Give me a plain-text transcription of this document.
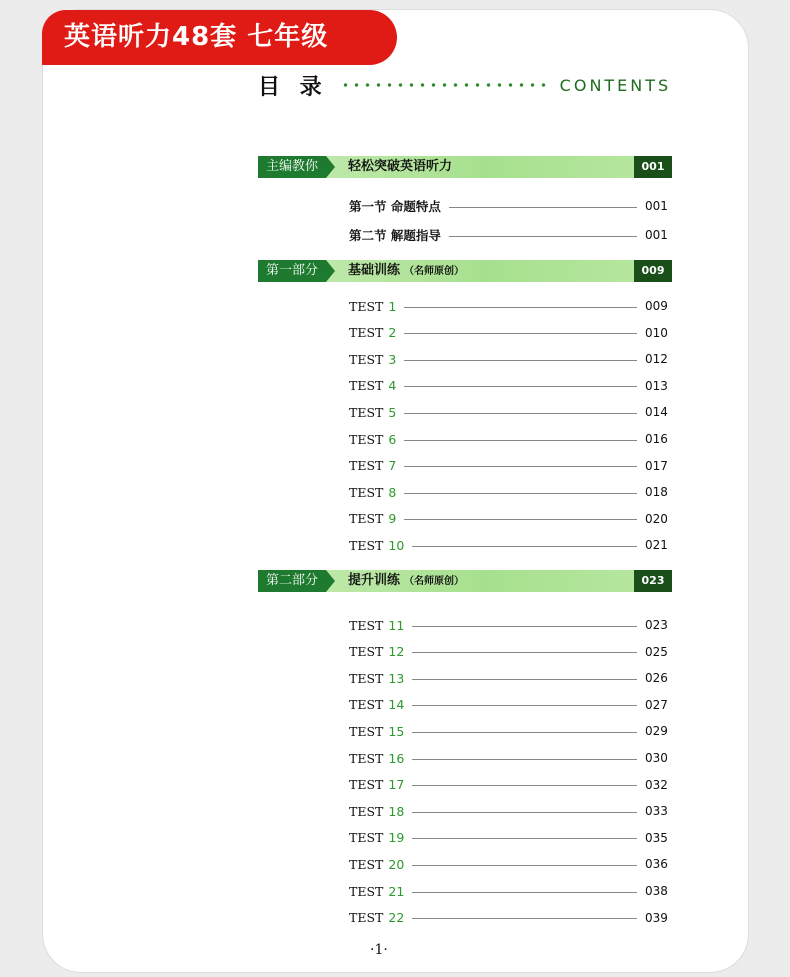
英语听力48套 七年级
目 录	CONTENTS
主编教你	轻松突破英语听力	001
第一节 命题特点	001
第二节 解题指导	001
第一部分	基础训练 （名师原创）	009
TEST 1	009
TEST 2	010
TEST 3	012
TEST 4	013
TEST 5	014
TEST 6	016
TEST 7	017
TEST 8	018
TEST 9	020
TEST 10	021
第二部分	提升训练 （名师原创）	023
TEST 11	023
TEST 12	025
TEST 13	026
TEST 14	027
TEST 15	029
TEST 16	030
TEST 17	032
TEST 18	033
TEST 19	035
TEST 20	036
TEST 21	038
TEST 22	039
·1·
